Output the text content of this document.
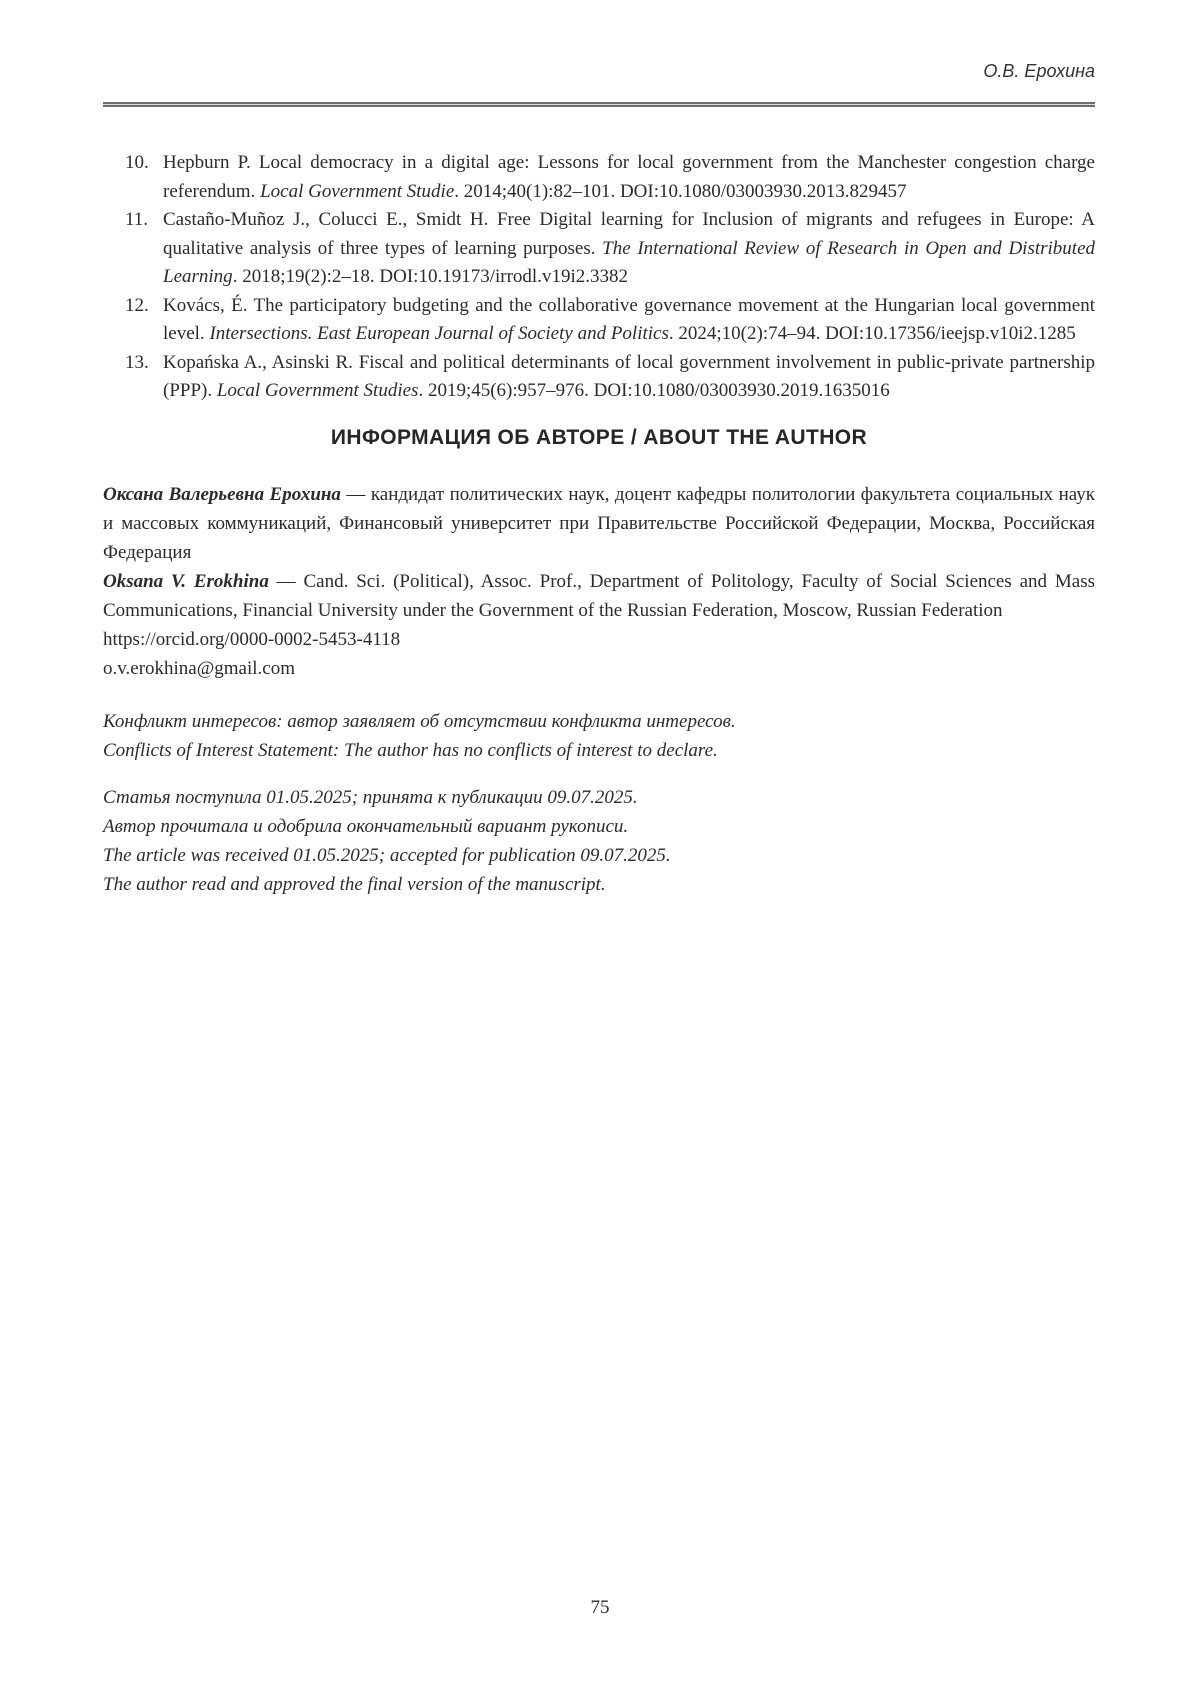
О.В. Ерохина
10. Hepburn P. Local democracy in a digital age: Lessons for local government from the Manchester congestion charge referendum. Local Government Studie. 2014;40(1):82–101. DOI:10.1080/03003930.2013.829457
11. Castaño-Muñoz J., Colucci E., Smidt H. Free Digital learning for Inclusion of migrants and refugees in Europe: A qualitative analysis of three types of learning purposes. The International Review of Research in Open and Distributed Learning. 2018;19(2):2–18. DOI:10.19173/irrodl.v19i2.3382
12. Kovács, É. The participatory budgeting and the collaborative governance movement at the Hungarian local government level. Intersections. East European Journal of Society and Politics. 2024;10(2):74–94. DOI:10.17356/ieejsp.v10i2.1285
13. Kopańska A., Asinski R. Fiscal and political determinants of local government involvement in public-private partnership (PPP). Local Government Studies. 2019;45(6):957–976. DOI:10.1080/03003930.2019.1635016
ИНФОРМАЦИЯ ОБ АВТОРЕ / ABOUT THE AUTHOR

Оксана Валерьевна Ерохина — кандидат политических наук, доцент кафедры политологии факультета социальных наук и массовых коммуникаций, Финансовый университет при Правительстве Российской Федерации, Москва, Российская Федерация

Oksana V. Erokhina — Cand. Sci. (Political), Assoc. Prof., Department of Politology, Faculty of Social Sciences and Mass Communications, Financial University under the Government of the Russian Federation, Moscow, Russian Federation

https://orcid.org/0000-0002-5453-4118

o.v.erokhina@gmail.com

Конфликт интересов: автор заявляет об отсутствии конфликта интересов.

Conflicts of Interest Statement: The author has no conflicts of interest to declare.

Статья поступила 01.05.2025; принята к публикации 09.07.2025.

Автор прочитала и одобрила окончательный вариант рукописи.

The article was received 01.05.2025; accepted for publication 09.07.2025.

The author read and approved the final version of the manuscript.

75
